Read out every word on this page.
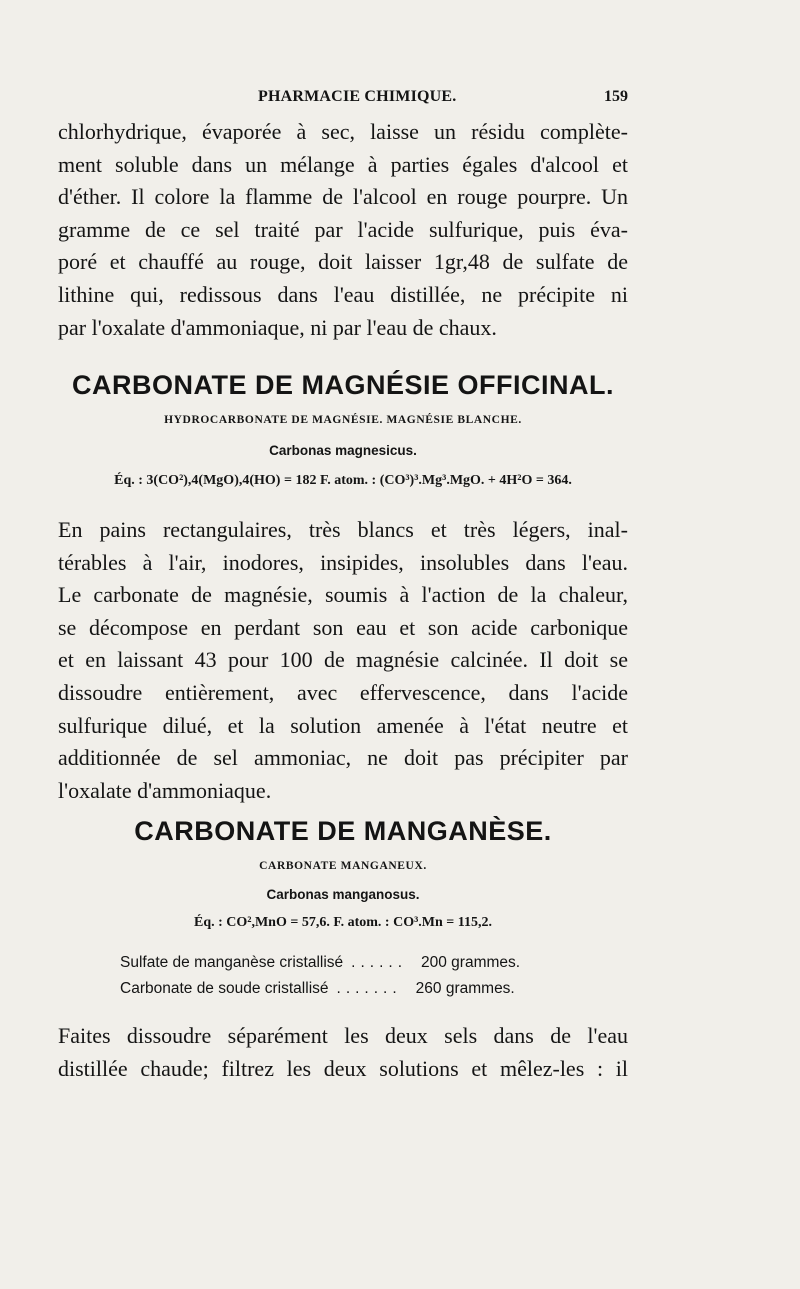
PHARMACIE CHIMIQUE.	159
chlorhydrique, évaporée à sec, laisse un résidu complète-
ment soluble dans un mélange à parties égales d'alcool et
d'éther. Il colore la flamme de l'alcool en rouge pourpre. Un
gramme de ce sel traité par l'acide sulfurique, puis éva-
poré et chauffé au rouge, doit laisser 1gr,48 de sulfate de
lithine qui, redissous dans l'eau distillée, ne précipite ni
par l'oxalate d'ammoniaque, ni par l'eau de chaux.
CARBONATE DE MAGNÉSIE OFFICINAL.
HYDROCARBONATE DE MAGNÉSIE. MAGNÉSIE BLANCHE.
Carbonas magnesicus.
Éq. : 3(CO²),4(MgO),4(HO) = 182 F. atom. : (CO³)³.Mg³.MgO. + 4H²O = 364.
En pains rectangulaires, très blancs et très légers, inal-
térables à l'air, inodores, insipides, insolubles dans l'eau.
Le carbonate de magnésie, soumis à l'action de la chaleur,
se décompose en perdant son eau et son acide carbonique
et en laissant 43 pour 100 de magnésie calcinée. Il doit se
dissoudre entièrement, avec effervescence, dans l'acide
sulfurique dilué, et la solution amenée à l'état neutre et
additionnée de sel ammoniac, ne doit pas précipiter par
l'oxalate d'ammoniaque.
CARBONATE DE MANGANÈSE.
CARBONATE MANGANEUX.
Carbonas manganosus.
Éq. : CO²,MnO = 57,6. F. atom. : CO³.Mn = 115,2.
Sulfate de manganèse cristallisé ...... 200 grammes.
Carbonate de soude cristallisé ....... 260 grammes.
Faites dissoudre séparément les deux sels dans de l'eau
distillée chaude; filtrez les deux solutions et mêlez-les : il
